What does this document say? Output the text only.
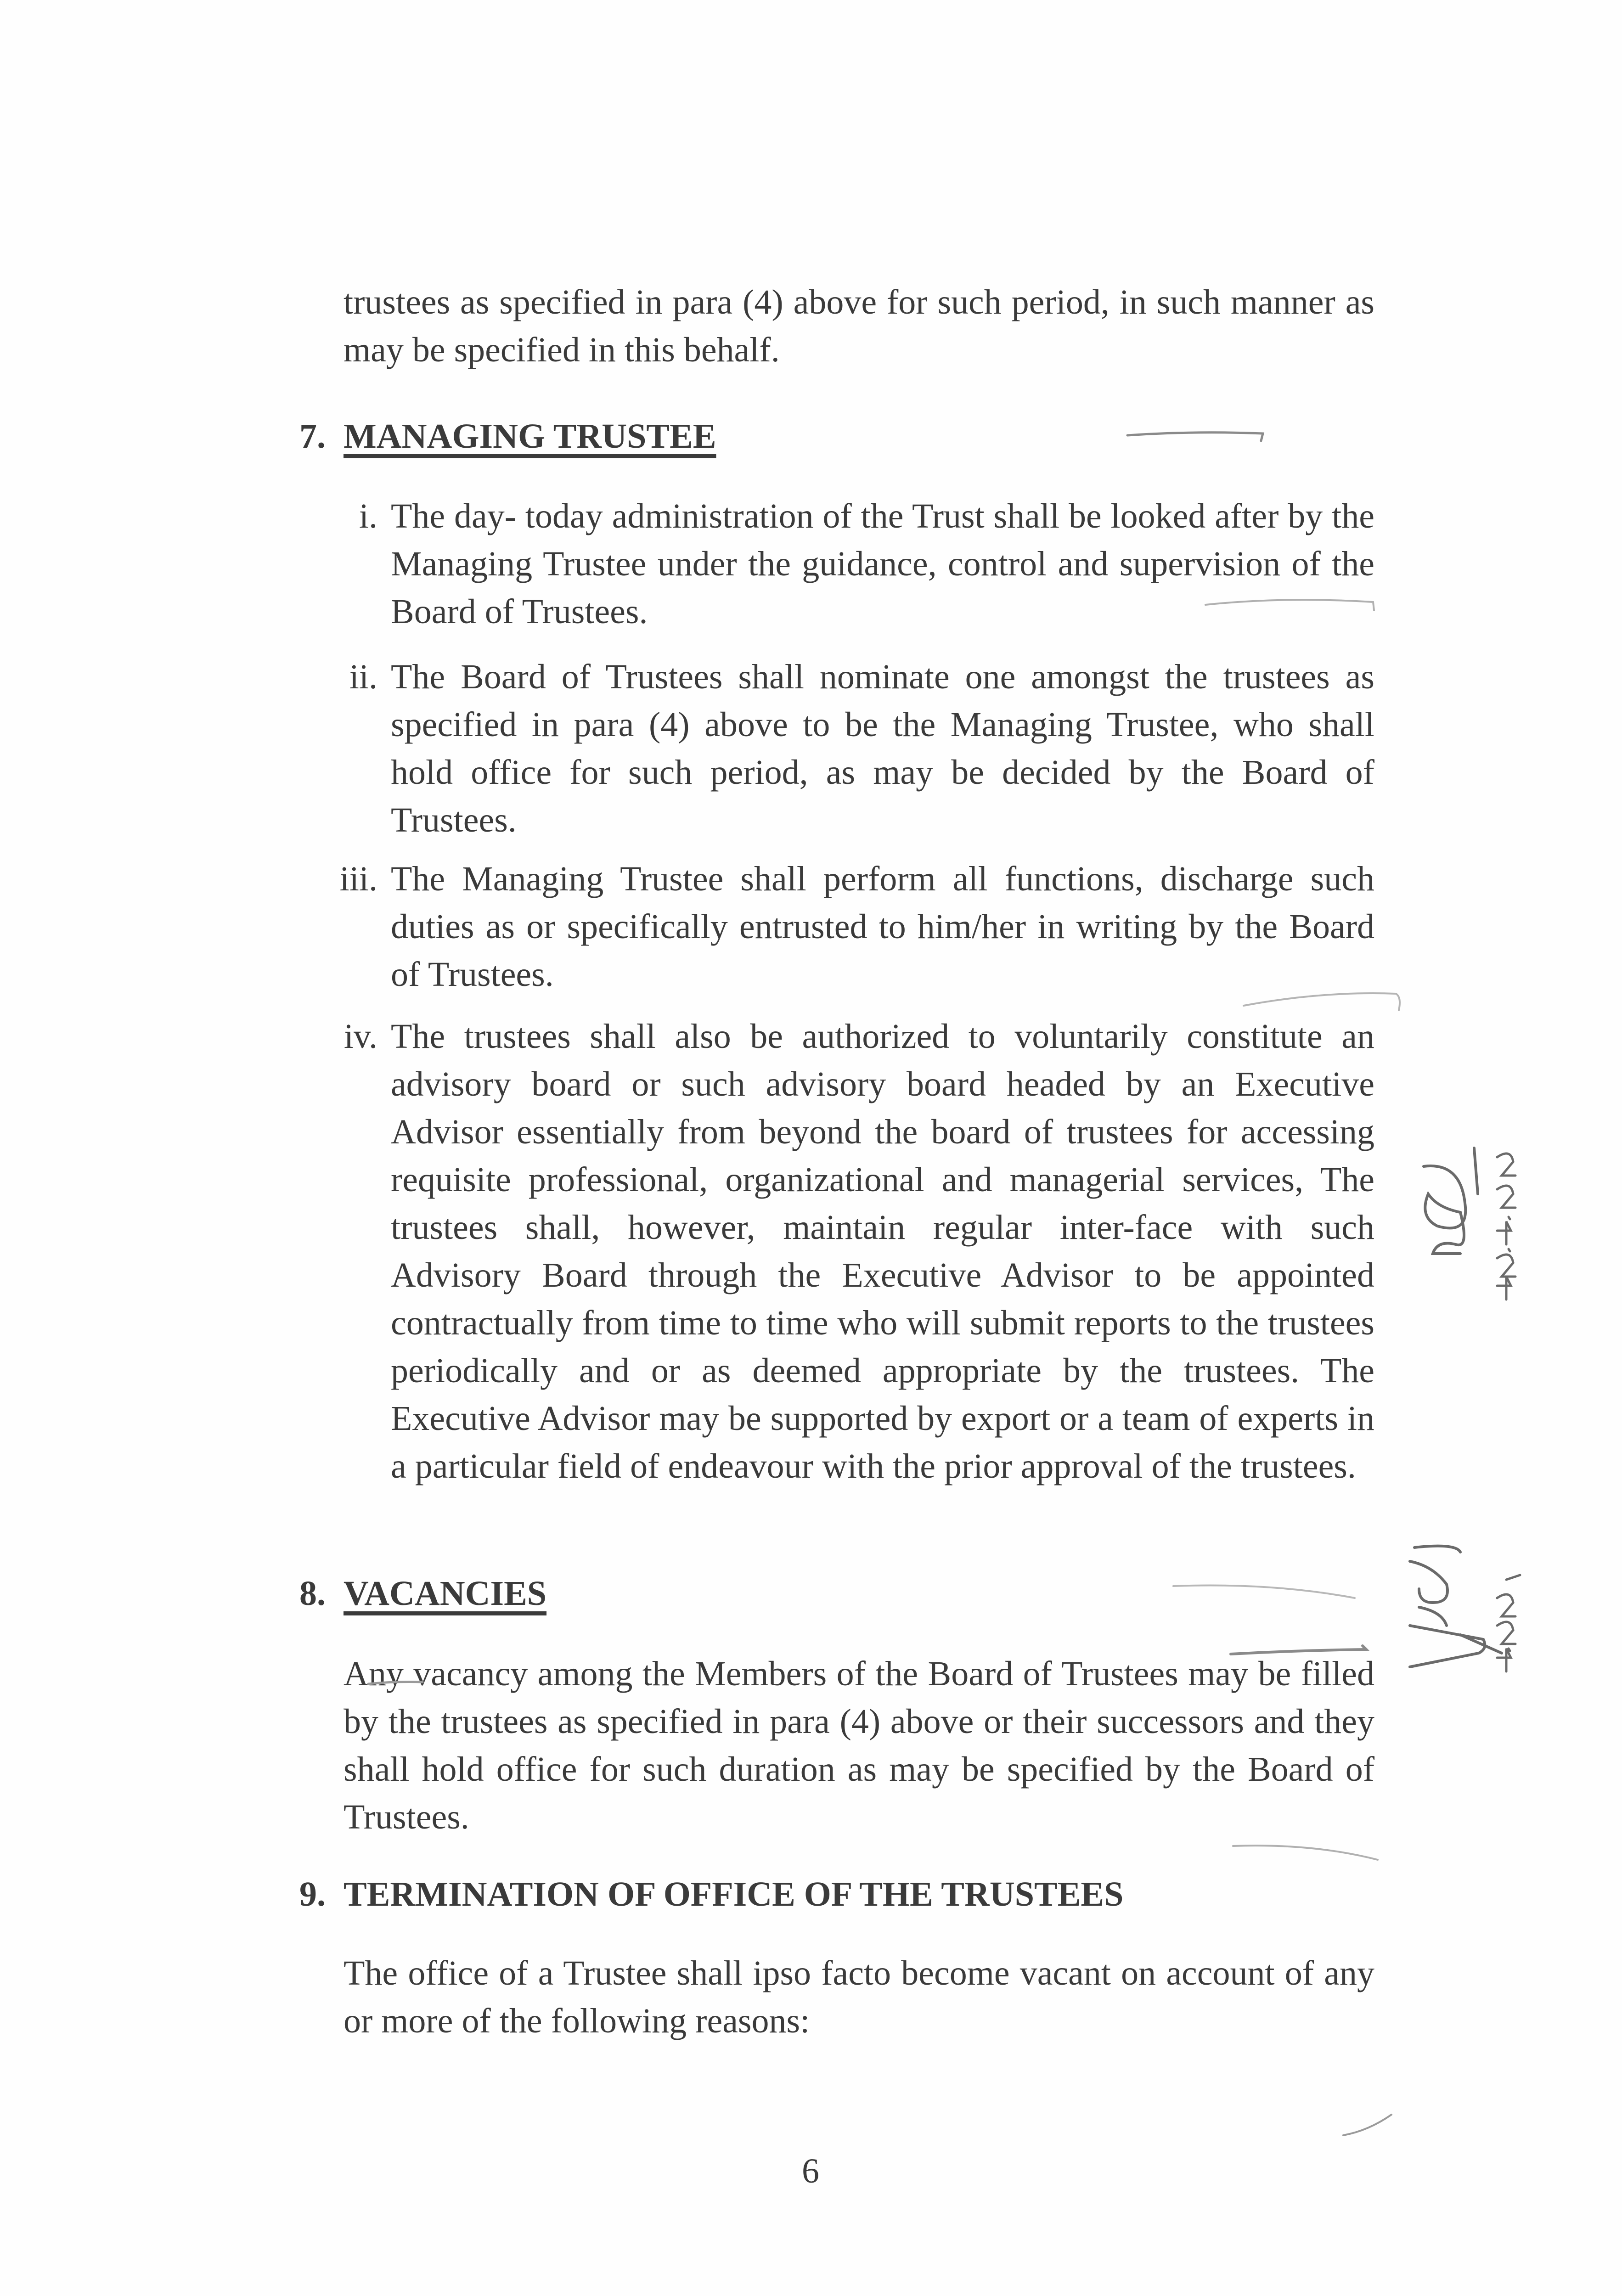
trustees as specified in para (4) above for such period, in such manner as may be specified in this behalf.
7. MANAGING TRUSTEE
i. The day- today administration of the Trust shall be looked after by the Managing Trustee under the guidance, control and supervision of the Board of Trustees.
ii. The Board of Trustees shall nominate one amongst the trustees as specified in para (4) above to be the Managing Trustee, who shall hold office for such period, as may be decided by the Board of Trustees.
iii. The Managing Trustee shall perform all functions, discharge such duties as or specifically entrusted to him/her in writing by the Board of Trustees.
iv. The trustees shall also be authorized to voluntarily constitute an advisory board or such advisory board headed by an Executive Advisor essentially from beyond the board of trustees for accessing requisite professional, organizational and managerial services, The trustees shall, however, maintain regular inter-face with such Advisory Board through the Executive Advisor to be appointed contractually from time to time who will submit reports to the trustees periodically and or as deemed appropriate by the trustees. The Executive Advisor may be supported by export or a team of experts in a particular field of endeavour with the prior approval of the trustees.
8. VACANCIES
Any vacancy among the Members of the Board of Trustees may be filled by the trustees as specified in para (4) above or their successors and they shall hold office for such duration as may be specified by the Board of Trustees.
9. TERMINATION OF OFFICE OF THE TRUSTEES
The office of a Trustee shall ipso facto become vacant on account of any or more of the following reasons:
6
